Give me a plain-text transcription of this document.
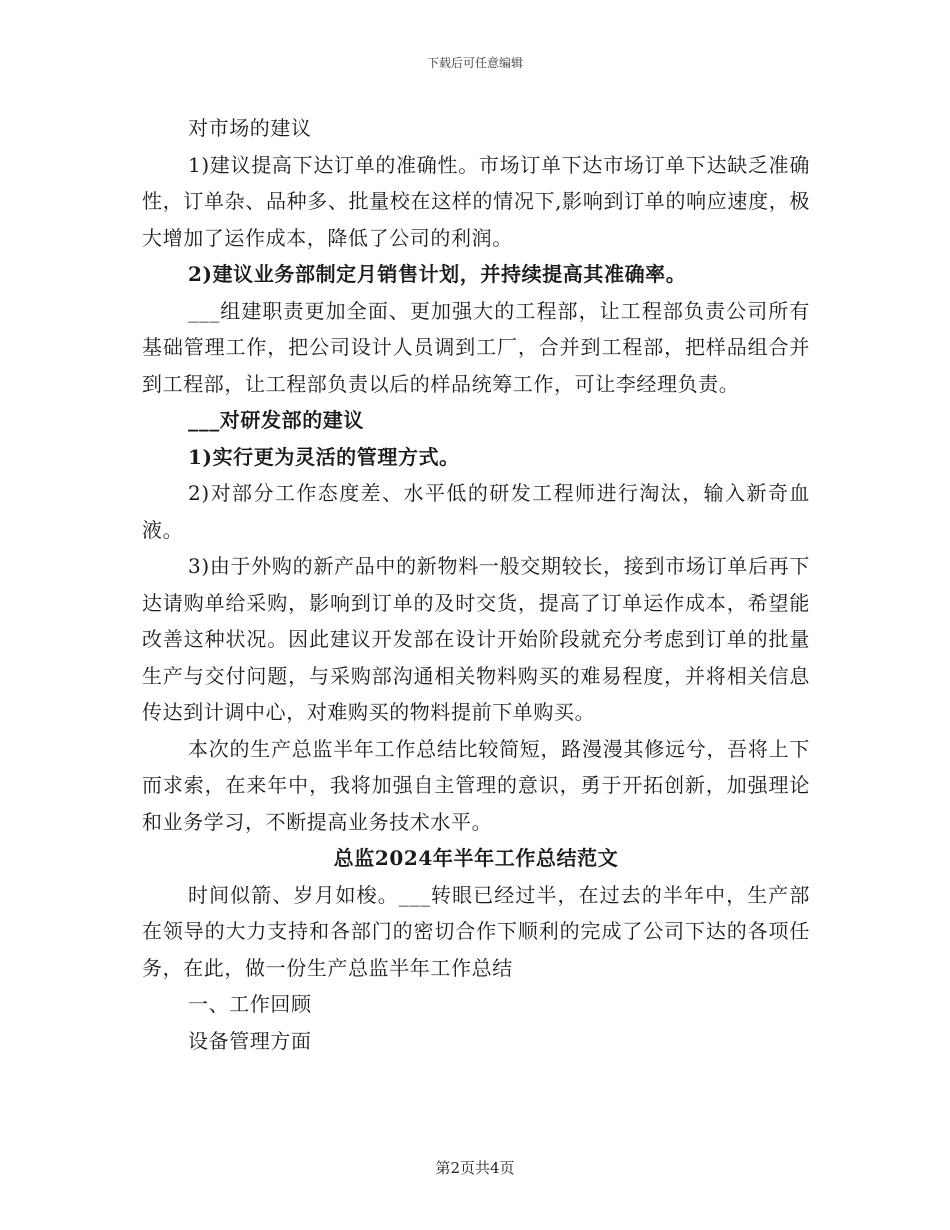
下载后可任意编辑

对市场的建议

1)建议提高下达订单的准确性。市场订单下达市场订单下达缺乏准确性，订单杂、品种多、批量校在这样的情况下,影响到订单的响应速度，极大增加了运作成本，降低了公司的利润。

2)建议业务部制定月销售计划，并持续提高其准确率。

___组建职责更加全面、更加强大的工程部，让工程部负责公司所有基础管理工作，把公司设计人员调到工厂，合并到工程部，把样品组合并到工程部，让工程部负责以后的样品统筹工作，可让李经理负责。

___对研发部的建议

1)实行更为灵活的管理方式。

2)对部分工作态度差、水平低的研发工程师进行淘汰，输入新奇血液。

3)由于外购的新产品中的新物料一般交期较长，接到市场订单后再下达请购单给采购，影响到订单的及时交货，提高了订单运作成本，希望能改善这种状况。因此建议开发部在设计开始阶段就充分考虑到订单的批量生产与交付问题，与采购部沟通相关物料购买的难易程度，并将相关信息传达到计调中心，对难购买的物料提前下单购买。

本次的生产总监半年工作总结比较简短，路漫漫其修远兮，吾将上下而求索，在来年中，我将加强自主管理的意识，勇于开拓创新，加强理论和业务学习，不断提高业务技术水平。

总监2024年半年工作总结范文

时间似箭、岁月如梭。___转眼已经过半，在过去的半年中，生产部在领导的大力支持和各部门的密切合作下顺利的完成了公司下达的各项任务，在此，做一份生产总监半年工作总结

一、工作回顾

设备管理方面

第2页共4页
